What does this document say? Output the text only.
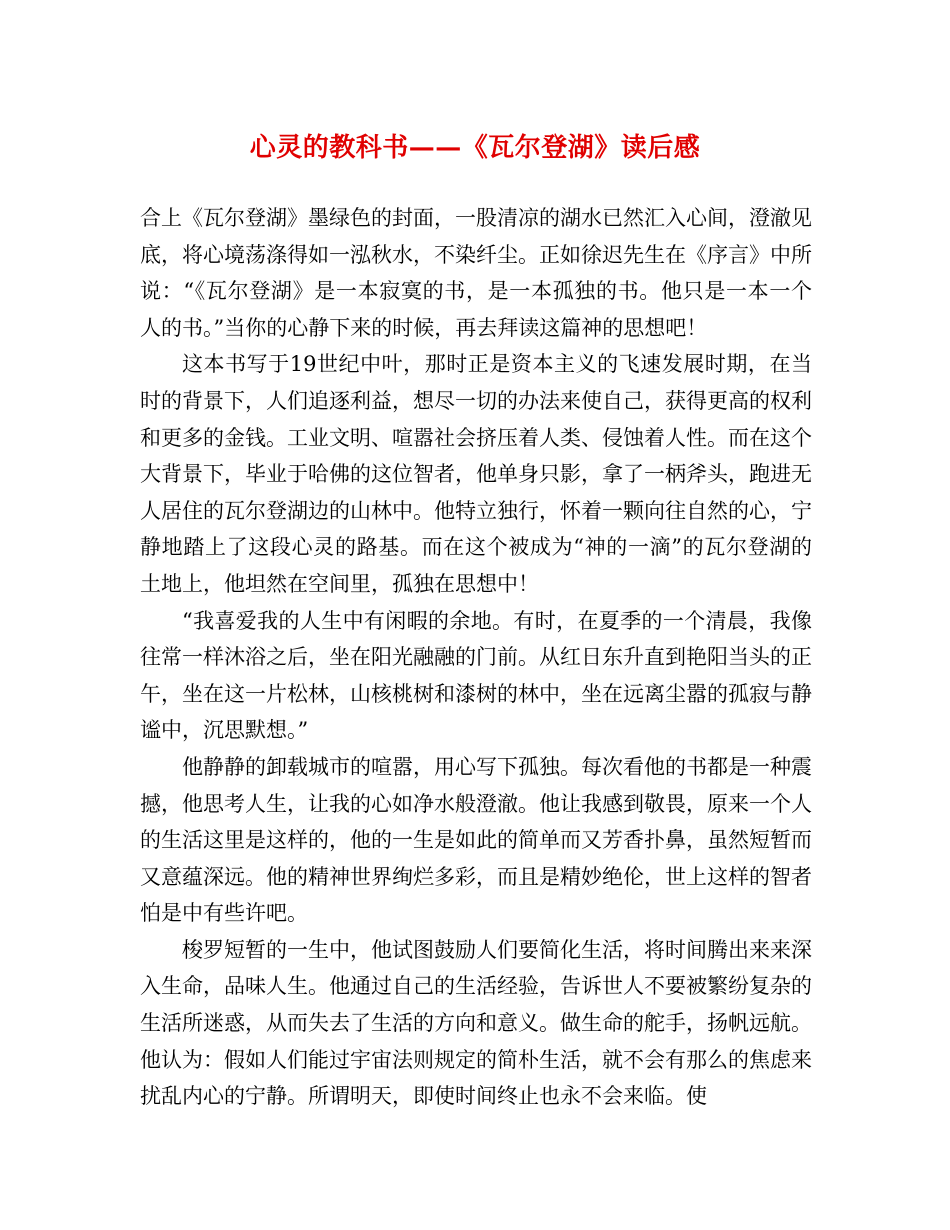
心灵的教科书——《瓦尔登湖》读后感

合上《瓦尔登湖》墨绿色的封面，一股清凉的湖水已然汇入心间，澄澈见底，将心境荡涤得如一泓秋水，不染纤尘。正如徐迟先生在《序言》中所说：“《瓦尔登湖》是一本寂寞的书，是一本孤独的书。他只是一本一个人的书。”当你的心静下来的时候，再去拜读这篇神的思想吧！

这本书写于19世纪中叶，那时正是资本主义的飞速发展时期，在当时的背景下，人们追逐利益，想尽一切的办法来使自己，获得更高的权利和更多的金钱。工业文明、喧嚣社会挤压着人类、侵蚀着人性。而在这个大背景下，毕业于哈佛的这位智者，他单身只影，拿了一柄斧头，跑进无人居住的瓦尔登湖边的山林中。他特立独行，怀着一颗向往自然的心，宁静地踏上了这段心灵的路基。而在这个被成为“神的一滴”的瓦尔登湖的土地上，他坦然在空间里，孤独在思想中！

“我喜爱我的人生中有闲暇的余地。有时，在夏季的一个清晨，我像往常一样沐浴之后，坐在阳光融融的门前。从红日东升直到艳阳当头的正午，坐在这一片松林，山核桃树和漆树的林中，坐在远离尘嚣的孤寂与静谧中，沉思默想。”

他静静的卸载城市的喧嚣，用心写下孤独。每次看他的书都是一种震撼，他思考人生，让我的心如净水般澄澈。他让我感到敬畏，原来一个人的生活这里是这样的，他的一生是如此的简单而又芳香扑鼻，虽然短暂而又意蕴深远。他的精神世界绚烂多彩，而且是精妙绝伦，世上这样的智者怕是中有些许吧。

梭罗短暂的一生中，他试图鼓励人们要简化生活，将时间腾出来来深入生命，品味人生。他通过自己的生活经验，告诉世人不要被繁纷复杂的生活所迷惑，从而失去了生活的方向和意义。做生命的舵手，扬帆远航。他认为：假如人们能过宇宙法则规定的简朴生活，就不会有那么的焦虑来扰乱内心的宁静。所谓明天，即使时间终止也永不会来临。使
